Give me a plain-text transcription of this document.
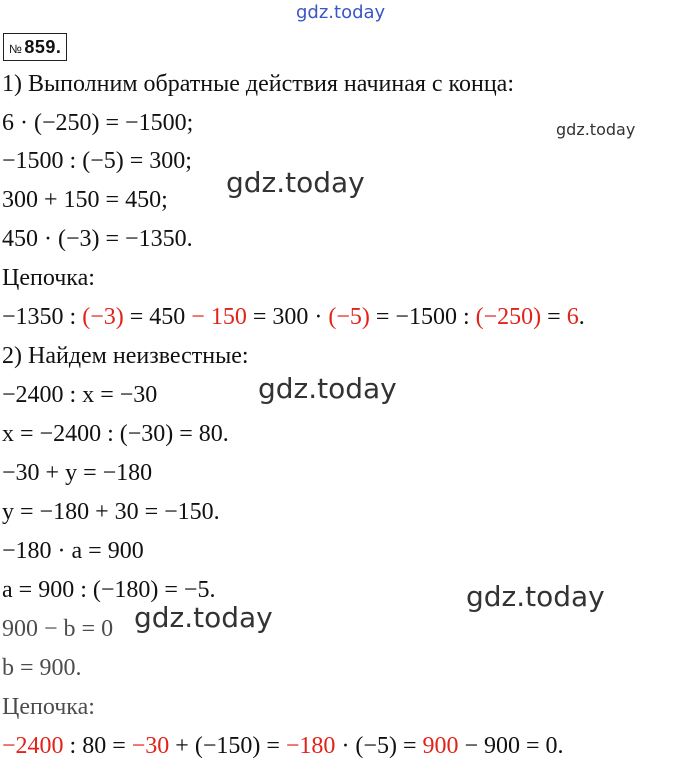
gdz.today
gdz.today
gdz.today
gdz.today
gdz.today
gdz.today
№ 859.
1) Выполним обратные действия начиная с конца:
6 · (−250) = −1500;
−1500 : (−5) = 300;
300 + 150 = 450;
450 · (−3) = −1350.
Цепочка:
−1350 : (−3) = 450 − 150 = 300 · (−5) = −1500 : (−250) = 6.
2) Найдем неизвестные:
−2400 : x = −30
x = −2400 : (−30) = 80.
−30 + y = −180
y = −180 + 30 = −150.
−180 · a = 900
a = 900 : (−180) = −5.
900 − b = 0
b = 900.
Цепочка:
−2400 : 80 = −30 + (−150) = −180 · (−5) = 900 − 900 = 0.
